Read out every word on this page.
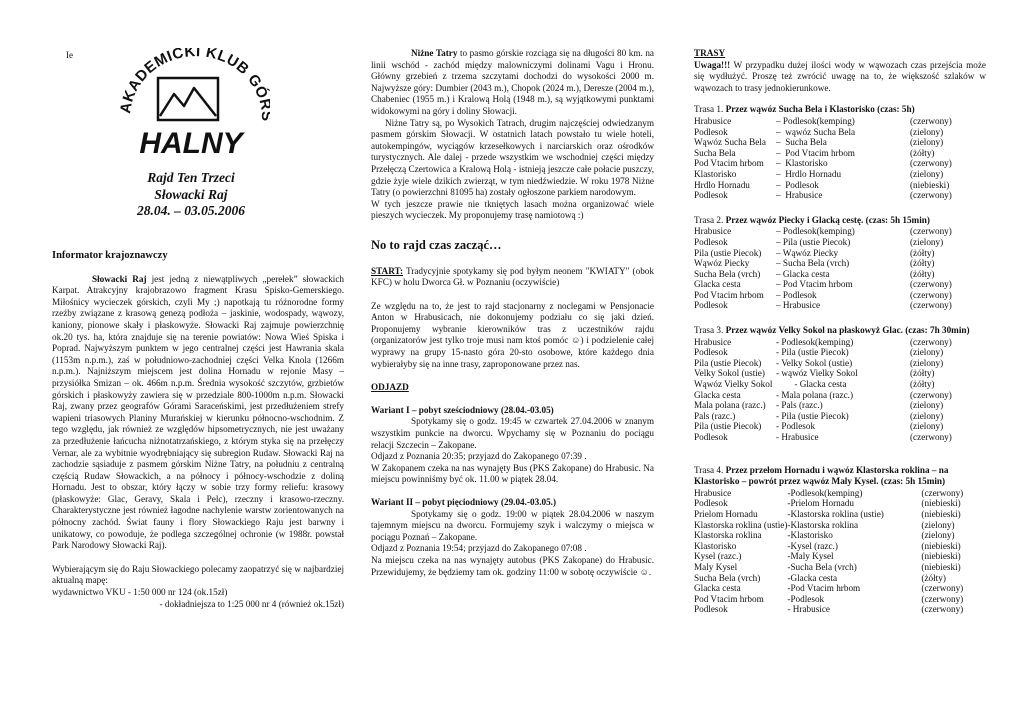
Ie
AKADEMICKI KLUB GÓ
HALNY
Rajd Ten Trzeci
Słowacki Raj
28.04. – 03.05.2006
Informator krajoznawczy

Słowacki Raj jest jedną z niewątpliwych „perełek” słowackich Karpat. Atrakcyjny krajobrazowo fragment Krasu Spisko-Gemerskiego. Miłośnicy wycieczek górskich, czyli My ;) napotkają tu różnorodne formy rzeźby związane z krasową genezą podłoża – jaskinie, wodospady, wąwozy, kaniony, pionowe skały i płaskowyże. Słowacki Raj zajmuje powierzchnię ok.20 tys. ha, która znajduje się na terenie powiatów: Nowa Wieś Spiska i Poprad. Najwyższym punktem w jego centralnej części jest Hawrania skala (1153m n.p.m.), zaś w południowo-zachodniej części Velka Knola (1266m n.p.m.). Najniższym miejscem jest dolina Hornadu w rejonie Masy – przysiółka Smizan – ok. 466m n.p.m. Średnia wysokość szczytów, grzbietów górskich i płaskowyży zawiera się w przedziale 800-1000m n.p.m. Słowacki Raj, zwany przez geografów Górami Saraceńskimi, jest przedłużeniem strefy wapieni triasowych Planiny Murańskiej w kierunku północno-wschodnim. Z tego względu, jak również ze względów hipsometrycznych, nie jest uważany za przedłużenie łańcucha niżnotatrzańskiego, z którym styka się na przełęczy Vernar, ale za wybitnie wyodrębniający się subregion Rudaw. Słowacki Raj na zachodzie sąsiaduje z pasmem górskim Niżne Tatry, na południu z centralną częścią Rudaw Słowackich, a na północy i północy-wschodzie z doliną Hornadu. Jest to obszar, który łączy w sobie trzy formy reliefu: krasowy (płaskowyże: Glac, Geravy, Skala i Pelc), rzeczny i krasowo-rzeczny. Charakterystyczne jest również łagodne nachylenie warstw zorientowanych na północny zachód. Świat fauny i flory Słowackiego Raju jest barwny i unikatowy, co powoduje, że podlega szczególnej ochronie (w 1988r. powstał Park Narodowy Słowacki Raj).

Wybierającym się do Raju Słowackiego polecamy zaopatrzyć się w najbardziej aktualną mapę:

wydawnictwo VKU - 1:50 000 nr 124 (ok.15zł)

- dokładniejsza to 1:25 000 nr 4 (również ok.15zł)

Niżne Tatry to pasmo górskie rozciąga się na długości 80 km. na linii wschód - zachód między malowniczymi dolinami Vagu i Hronu. Główny grzebień z trzema szczytami dochodzi do wysokości 2000 m. Najwyższe góry: Dumbier (2043 m.), Chopok (2024 m.), Deresze (2004 m.), Chabeniec (1955 m.) i Kralową Holą (1948 m.), są wyjątkowymi punktami widokowymi na góry i doliny Słowacji.

Niżne Tatry są, po Wysokich Tatrach, drugim najczęściej odwiedzanym pasmem górskim Słowacji. W ostatnich latach powstało tu wiele hoteli, autokempingów, wyciągów krzesełkowych i narciarskich oraz ośrodków turystycznych. Ale dalej - przede wszystkim we wschodniej części między Przełęczą Czertowica a Kralową Holą - istnieją jeszcze całe połacie puszczy, gdzie żyje wiele dzikich zwierząt, w tym niedźwiedzie. W roku 1978 Niżne Tatry (o powierzchni 81095 ha) zostały ogłoszone parkiem narodowym.

W tych jeszcze prawie nie tkniętych lasach można organizować wiele pieszych wycieczek. My proponujemy trasę namiotową :)

No to rajd czas zacząć…

START: Tradycyjnie spotykamy się pod byłym neonem "KWIATY" (obok KFC) w holu Dworca Gł. w Poznaniu (oczywiście)

Ze względu na to, że jest to rajd stacjonarny z noclegami w Pensjonacie Anton w Hrabusicach, nie dokonujemy podziału co się jaki dzień. Proponujemy wybranie kierowników tras z uczestników rajdu (organizatorów jest tylko troje musi nam ktoś pomóc ☺) i podzielenie całej wyprawy na grupy 15-nasto góra 20-sto osobowe, które każdego dnia wybierałyby się na inne trasy, zaproponowane przez nas.

ODJAZD

Wariant I – pobyt sześciodniowy (28.04.-03.05)

Spotykamy się o godz. 19:45 w czwartek 27.04.2006 w znanym wszystkim punkcie na dworcu. Wpychamy się w Poznaniu do pociągu relacji Szczecin – Zakopane.

Odjazd z Poznania 20:35; przyjazd do Zakopanego 07:39 .

W Zakopanem czeka na nas wynajęty Bus (PKS Zakopane) do Hrabusic. Na miejscu powinniśmy być ok. 11.00 w piątek 28.04.

Wariant II – pobyt pięciodniowy (29.04.-03.05.)

Spotykamy się o godz. 19:00 w piątek 28.04.2006 w naszym tajemnym miejscu na dworcu. Formujemy szyk i walczymy o miejsca w pociągu Poznań – Zakopane.

Odjazd z Poznania 19:54; przyjazd do Zakopanego 07:08 .

Na miejscu czeka na nas wynajęty autobus (PKS Zakopane) do Hrabusic. Przewidujemy, że będziemy tam ok. godziny 11:00 w sobotę oczywiście ☺.

TRASY

Uwaga!!! W przypadku dużej ilości wody w wąwozach czas przejścia może się wydłużyć. Proszę też zwrócić uwagę na to, że większość szlaków w wąwozach to trasy jednokierunkowe.

Trasa 1. Przez wąwóz Sucha Bela i Klastorisko (czas: 5h)
Hrabusice	– Podlesok(kemping)	(czerwony)
Podlesok	–  wąwóz Sucha Bela	(zielony)
Wąwóz Sucha Bela	–  Sucha Bela	(zielony)
Sucha Bela	–  Pod Vtacim hrbom	(żółty)
Pod Vtacim hrbom	–  Klastorisko	(czerwony)
Klastorisko	–  Hrdlo Hornadu	(zielony)
Hrdlo Hornadu	–  Podlesok	(niebieski)
Podlesok	–  Hrabusice	(czerwony)
Trasa 2. Przez wąwóz Piecky i Glacką cestę. (czas: 5h 15min)
Hrabusice	– Podlesok(kemping)	(czerwony)
Podlesok	– Pila (ustie Piecok)	(zielony)
Pila (ustie Piecok)	– Wąwóz Piecky	(żółty)
Wąwóz Piecky	– Sucha Bela (vrch)	(żółty)
Sucha Bela (vrch)	– Glacka cesta	(żółty)
Glacka cesta	– Pod Vtacim hrbom	(czerwony)
Pod Vtacim hrbom	– Podlesok	(czerwony)
Podlesok	– Hrabusice	(czerwony)
Trasa 3. Przez wąwóz Velky Sokol na płaskowyż Glac. (czas: 7h 30min)
Hrabusice	- Podlesok(kemping)	(czerwony)
Podlesok	- Pila (ustie Piecok)	(zielony)
Pila (ustie Piecok)	- Velky Sokol (ustie)	(zielony)
Velky Sokol (ustie)	- wąwóz Vielky Sokol	(żółty)
Wąwóz Vielky Sokol	- Glacka cesta	(żółty)
Glacka cesta	- Mala polana (razc.)	(czerwony)
Mala polana (razc.)	- Pals (razc.)	(zielony)
Pals (razc.)	- Pila (ustie Piecok)	(zielony)
Pila (ustie Piecok)	- Podlesok	(zielony)
Podlesok	- Hrabusice	(czerwony)
Trasa 4. Przez przełom Hornadu i wąwóz Klastorska roklina – na Klastorisko – powrót przez wąwóz Maly Kysel. (czas: 5h 15min)
Hrabusice	-Podlesok(kemping)	(czerwony)
Podlesok	-Prielom Hornadu	(niebieski)
Prielom Hornadu	-Klastorska roklina (ustie)	(niebieski)
Klastorska roklina (ustie)	-Klastorska roklina	(zielony)
Klastorska roklina	-Klastorisko	(zielony)
Klastorisko	-Kysel (razc.)	(niebieski)
Kysel (razc.)	-Maly Kysel	(niebieski)
Maly Kysel	-Sucha Bela (vrch)	(niebieski)
Sucha Bela (vrch)	-Glacka cesta	(żółty)
Glacka cesta	-Pod Vtacim hrbom	(czerwony)
Pod Vtacim hrbom	-Podlesok	(czerwony)
Podlesok	- Hrabusice	(czerwony)
